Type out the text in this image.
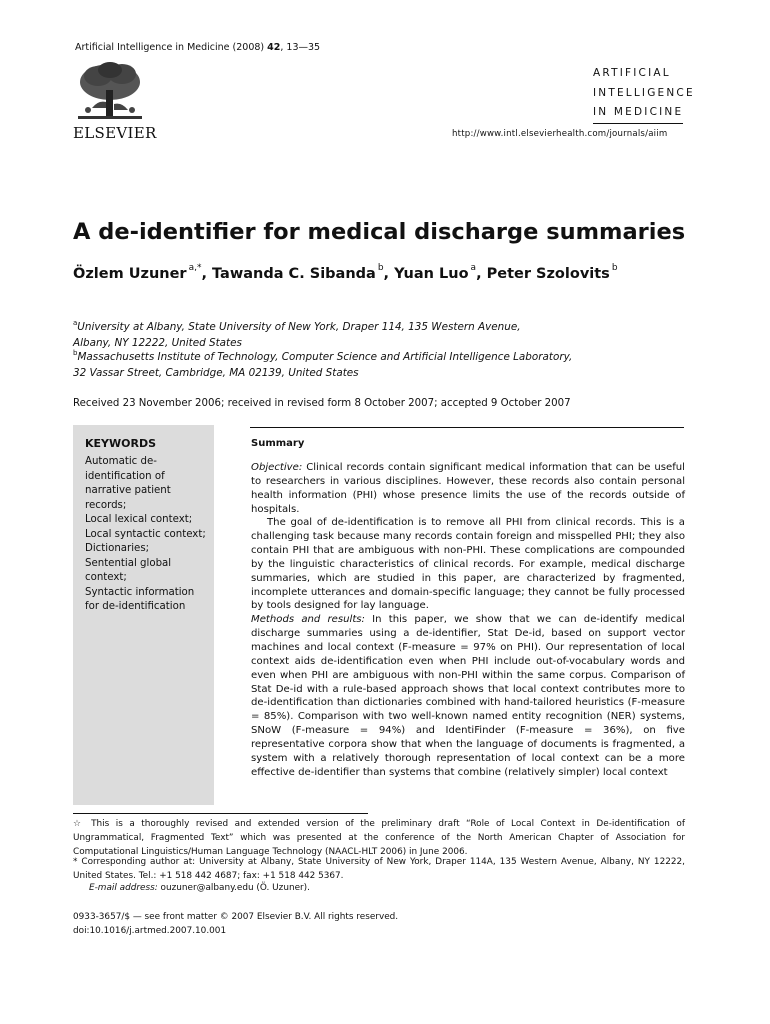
Artificial Intelligence in Medicine (2008) 42, 13—35
ELSEVIER
ARTIFICIAL
INTELLIGENCE
IN MEDICINE
http://www.intl.elsevierhealth.com/journals/aiim
A de-identifier for medical discharge summaries
Özlem Uzuner $^{a,*}$, Tawanda C. Sibanda $^b$, Yuan Luo $^a$, Peter Szolovits $^b$
$^a$University at Albany, State University of New York, Draper 114, 135 Western Avenue,
Albany, NY 12222, United States
$^b$Massachusetts Institute of Technology, Computer Science and Artificial Intelligence Laboratory,
32 Vassar Street, Cambridge, MA 02139, United States
Received 23 November 2006; received in revised form 8 October 2007; accepted 9 October 2007
KEYWORDS
Automatic de-identification of narrative patient records;
Local lexical context;
Local syntactic context;
Dictionaries;
Sentential global context;
Syntactic information for de-identification
Summary

Objective: Clinical records contain significant medical information that can be useful to researchers in various disciplines. However, these records also contain personal health information (PHI) whose presence limits the use of the records outside of hospitals.

The goal of de-identification is to remove all PHI from clinical records. This is a challenging task because many records contain foreign and misspelled PHI; they also contain PHI that are ambiguous with non-PHI. These complications are compounded by the linguistic characteristics of clinical records. For example, medical discharge summaries, which are studied in this paper, are characterized by fragmented, incomplete utterances and domain-specific language; they cannot be fully processed by tools designed for lay language.

Methods and results: In this paper, we show that we can de-identify medical discharge summaries using a de-identifier, Stat De-id, based on support vector machines and local context (F-measure = 97% on PHI). Our representation of local context aids de-identification even when PHI include out-of-vocabulary words and even when PHI are ambiguous with non-PHI within the same corpus. Comparison of Stat De-id with a rule-based approach shows that local context contributes more to de-identification than dictionaries combined with hand-tailored heuristics (F-measure = 85%). Comparison with two well-known named entity recognition (NER) systems, SNoW (F-measure = 94%) and IdentiFinder (F-measure = 36%), on five representative corpora show that when the language of documents is fragmented, a system with a relatively thorough representation of local context can be a more effective de-identifier than systems that combine (relatively simpler) local context

☆ This is a thoroughly revised and extended version of the preliminary draft “Role of Local Context in De-identification of Ungrammatical, Fragmented Text” which was presented at the conference of the North American Chapter of Association for Computational Linguistics/Human Language Technology (NAACL-HLT 2006) in June 2006.
* Corresponding author at: University at Albany, State University of New York, Draper 114A, 135 Western Avenue, Albany, NY 12222, United States. Tel.: +1 518 442 4687; fax: +1 518 442 5367.
E-mail address: ouzuner@albany.edu (Ö. Uzuner).
0933-3657/$ — see front matter © 2007 Elsevier B.V. All rights reserved.
doi:10.1016/j.artmed.2007.10.001
